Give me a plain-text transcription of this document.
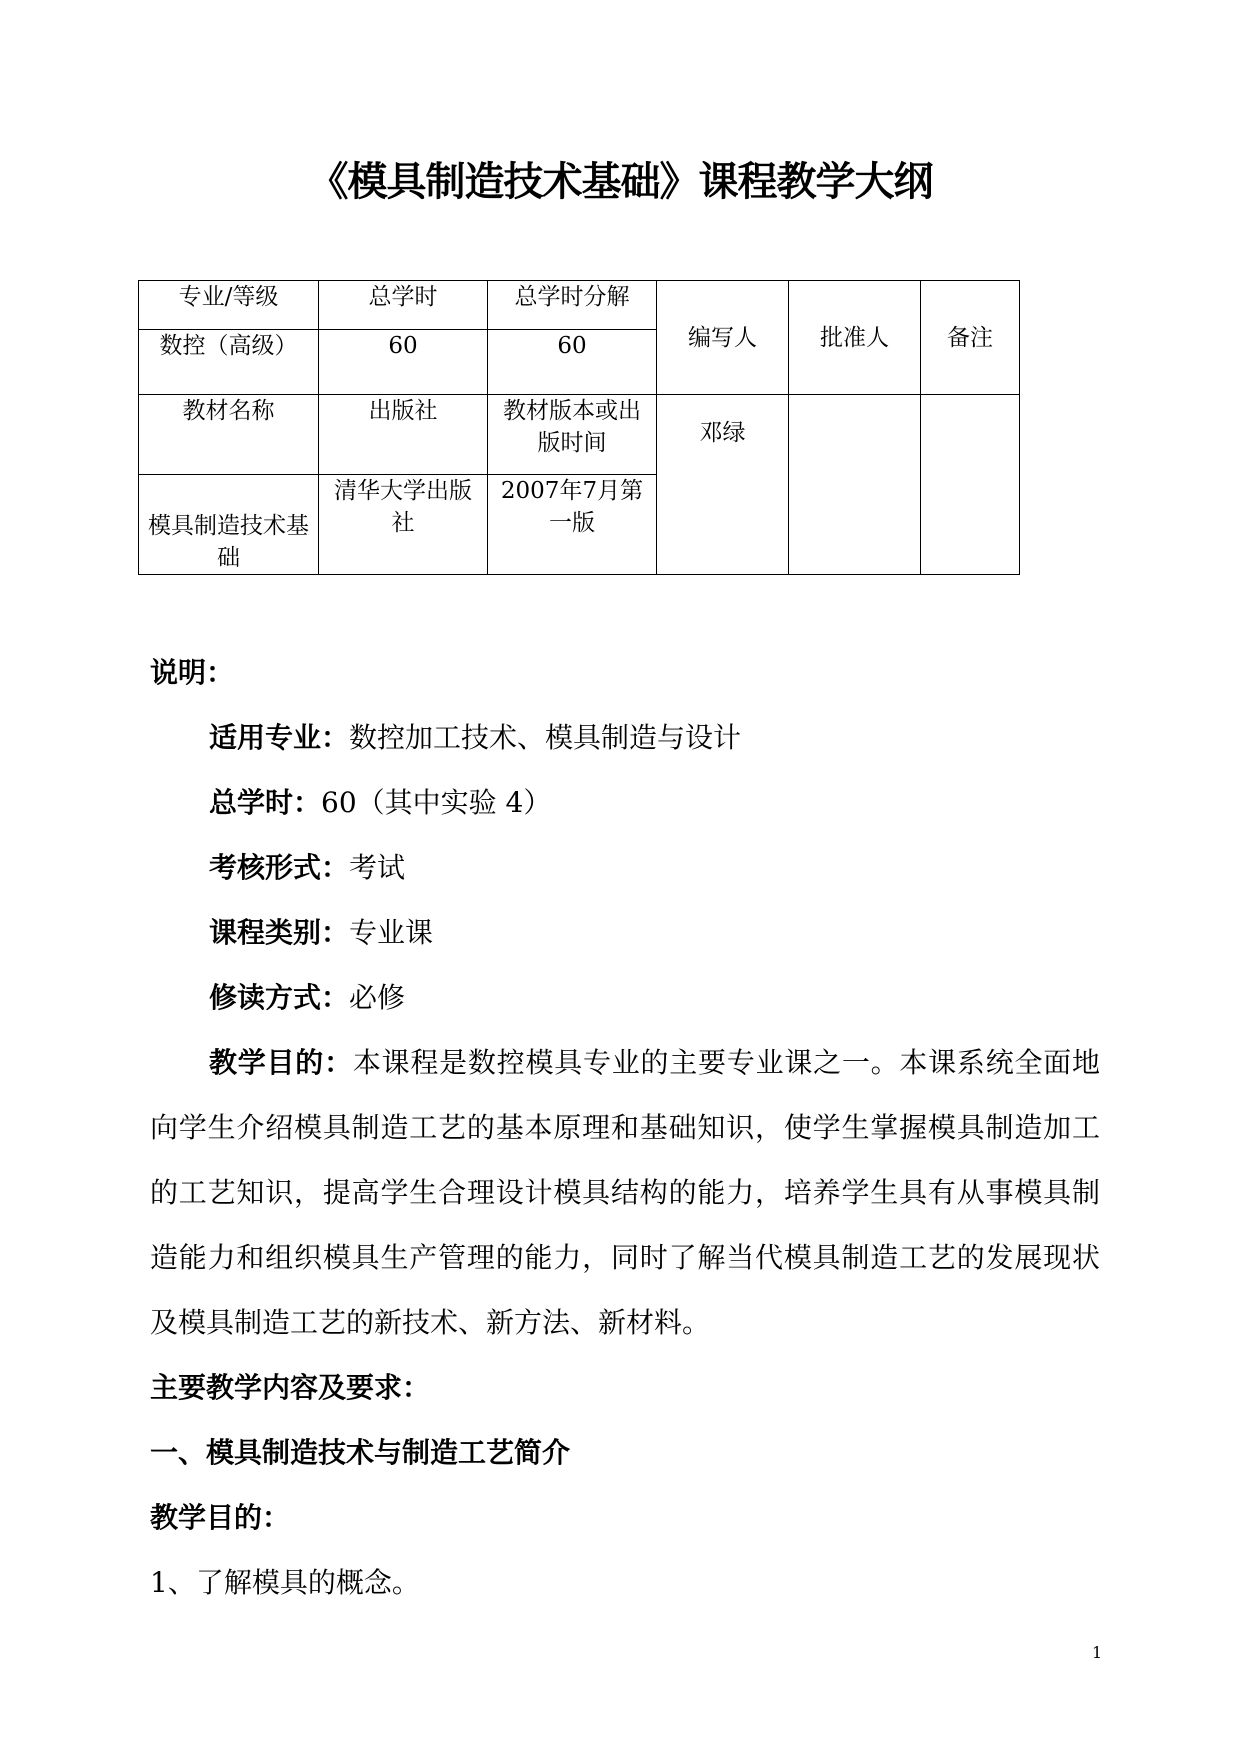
《模具制造技术基础》课程教学大纲
专业/等级	总学时	总学时分解	编写人	批准人	备注
数控（高级）	60	60			
教材名称	出版社	教材版本或出版时间	邓绿		
模具制造技术基础	清华大学出版社	2007年7月第一版			
说明：
适用专业：数控加工技术、模具制造与设计
总学时：60（其中实验 4）
考核形式：考试
课程类别：专业课
修读方式：必修

教学目的：本课程是数控模具专业的主要专业课之一。本课系统全面地向学生介绍模具制造工艺的基本原理和基础知识，使学生掌握模具制造加工的工艺知识，提高学生合理设计模具结构的能力，培养学生具有从事模具制造能力和组织模具生产管理的能力，同时了解当代模具制造工艺的发展现状及模具制造工艺的新技术、新方法、新材料。

主要教学内容及要求：
一、模具制造技术与制造工艺简介
教学目的：
1、了解模具的概念。
1
